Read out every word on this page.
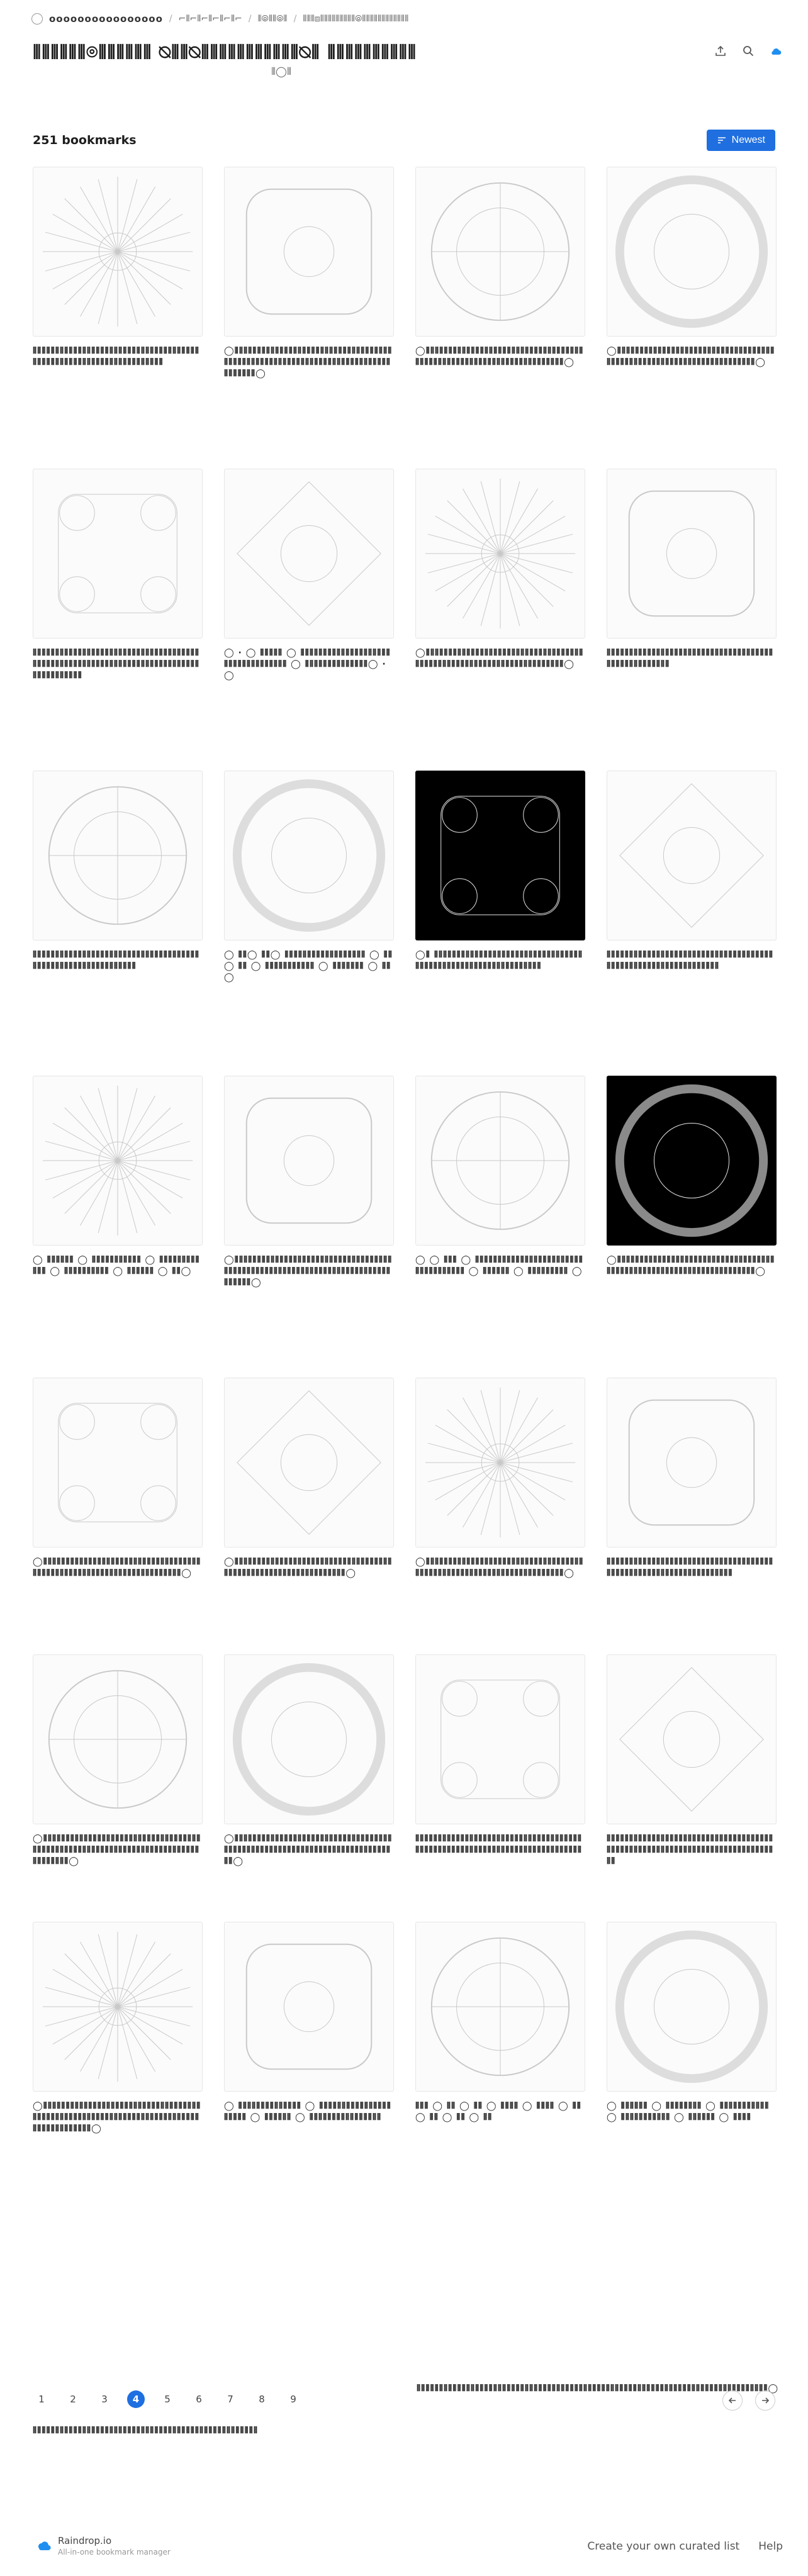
oooooooooooooooo / ⌐⦀⌐⦀⌐⦀⌐⦀⌐⦀⌐ / ⦀⦾⦀⦀⦾⦀ / ⦀⦀⦀⧈⦀⦀⦀⦀⦀⦀⦀⦀⦀⦾⦀⦀⦀⦀⦀⦀⦀⦀⦀⦀⦀⦀
⦀⦀⦀⦀⦀⦀⌾⦀⦀⦀⦀⦀⦀ ⍉⦀⦀⍉⦀⦀⦀⦀⦀⦀⦀⦀⦀⦀⦀⍉⦀ ⦀⦀⦀⦀⦀⦀⦀⦀⦀⦀
⦀◯⦀
251 bookmarks	Newest
⦀⦀⦀⦀⦀⦀⦀⦀⦀⦀⦀⦀⦀⦀⦀⦀⦀⦀⦀⦀⦀⦀⦀⦀⦀⦀⦀⦀⦀⦀⦀⦀⦀⦀⦀⦀⦀⦀⦀⦀⦀⦀⦀⦀⦀⦀⦀⦀⦀⦀⦀⦀⦀⦀⦀⦀⦀⦀⦀⦀⦀⦀⦀⦀⦀⦀
◯⦀⦀⦀⦀⦀⦀⦀⦀⦀⦀⦀⦀⦀⦀⦀⦀⦀⦀⦀⦀⦀⦀⦀⦀⦀⦀⦀⦀⦀⦀⦀⦀⦀⦀⦀⦀⦀⦀⦀⦀⦀⦀⦀⦀⦀⦀⦀⦀⦀⦀⦀⦀⦀⦀⦀⦀⦀⦀⦀⦀⦀⦀⦀⦀⦀⦀⦀⦀⦀⦀⦀⦀⦀⦀⦀⦀⦀⦀⦀◯
◯⦀⦀⦀⦀⦀⦀⦀⦀⦀⦀⦀⦀⦀⦀⦀⦀⦀⦀⦀⦀⦀⦀⦀⦀⦀⦀⦀⦀⦀⦀⦀⦀⦀⦀⦀⦀⦀⦀⦀⦀⦀⦀⦀⦀⦀⦀⦀⦀⦀⦀⦀⦀⦀⦀⦀⦀⦀⦀⦀⦀⦀⦀⦀⦀⦀⦀⦀⦀◯
◯⦀⦀⦀⦀⦀⦀⦀⦀⦀⦀⦀⦀⦀⦀⦀⦀⦀⦀⦀⦀⦀⦀⦀⦀⦀⦀⦀⦀⦀⦀⦀⦀⦀⦀⦀⦀⦀⦀⦀⦀⦀⦀⦀⦀⦀⦀⦀⦀⦀⦀⦀⦀⦀⦀⦀⦀⦀⦀⦀⦀⦀⦀⦀⦀⦀⦀⦀⦀◯
⦀⦀⦀⦀⦀⦀⦀⦀⦀⦀⦀⦀⦀⦀⦀⦀⦀⦀⦀⦀⦀⦀⦀⦀⦀⦀⦀⦀⦀⦀⦀⦀⦀⦀⦀⦀⦀⦀⦀⦀⦀⦀⦀⦀⦀⦀⦀⦀⦀⦀⦀⦀⦀⦀⦀⦀⦀⦀⦀⦀⦀⦀⦀⦀⦀⦀⦀⦀⦀⦀⦀⦀⦀⦀⦀⦀⦀⦀⦀⦀⦀⦀⦀⦀⦀
◯ · ◯ ⦀⦀⦀⦀⦀ ◯ ⦀⦀⦀⦀⦀⦀⦀⦀⦀⦀⦀⦀⦀⦀⦀⦀⦀⦀⦀⦀⦀⦀⦀⦀⦀⦀⦀⦀⦀⦀⦀⦀⦀⦀ ◯ ⦀⦀⦀⦀⦀⦀⦀⦀⦀⦀⦀⦀⦀⦀◯ · ◯
◯⦀⦀⦀⦀⦀⦀⦀⦀⦀⦀⦀⦀⦀⦀⦀⦀⦀⦀⦀⦀⦀⦀⦀⦀⦀⦀⦀⦀⦀⦀⦀⦀⦀⦀⦀⦀⦀⦀⦀⦀⦀⦀⦀⦀⦀⦀⦀⦀⦀⦀⦀⦀⦀⦀⦀⦀⦀⦀⦀⦀⦀⦀⦀⦀⦀⦀⦀⦀◯
⦀⦀⦀⦀⦀⦀⦀⦀⦀⦀⦀⦀⦀⦀⦀⦀⦀⦀⦀⦀⦀⦀⦀⦀⦀⦀⦀⦀⦀⦀⦀⦀⦀⦀⦀⦀⦀⦀⦀⦀⦀⦀⦀⦀⦀⦀⦀⦀⦀⦀⦀
⦀⦀⦀⦀⦀⦀⦀⦀⦀⦀⦀⦀⦀⦀⦀⦀⦀⦀⦀⦀⦀⦀⦀⦀⦀⦀⦀⦀⦀⦀⦀⦀⦀⦀⦀⦀⦀⦀⦀⦀⦀⦀⦀⦀⦀⦀⦀⦀⦀⦀⦀⦀⦀⦀⦀⦀⦀⦀⦀⦀
◯ ⦀⦀◯ ⦀⦀◯ ⦀⦀⦀⦀⦀⦀⦀⦀⦀⦀⦀⦀⦀⦀⦀⦀⦀⦀ ◯ ⦀⦀ ◯ ⦀⦀ ◯ ⦀⦀⦀⦀⦀⦀⦀⦀⦀⦀⦀ ◯ ⦀⦀⦀⦀⦀⦀⦀ ◯ ⦀⦀ ◯
◯⦀ ⦀⦀⦀⦀⦀⦀⦀⦀⦀⦀⦀⦀⦀⦀⦀⦀⦀⦀⦀⦀⦀⦀⦀⦀⦀⦀⦀⦀⦀⦀⦀⦀⦀⦀⦀⦀⦀⦀⦀⦀⦀⦀⦀⦀⦀⦀⦀⦀⦀⦀⦀⦀⦀⦀⦀⦀⦀⦀⦀⦀⦀
⦀⦀⦀⦀⦀⦀⦀⦀⦀⦀⦀⦀⦀⦀⦀⦀⦀⦀⦀⦀⦀⦀⦀⦀⦀⦀⦀⦀⦀⦀⦀⦀⦀⦀⦀⦀⦀⦀⦀⦀⦀⦀⦀⦀⦀⦀⦀⦀⦀⦀⦀⦀⦀⦀⦀⦀⦀⦀⦀⦀⦀⦀
◯ ⦀⦀⦀⦀⦀⦀ ◯ ⦀⦀⦀⦀⦀⦀⦀⦀⦀⦀⦀ ◯ ⦀⦀⦀⦀⦀⦀⦀⦀⦀⦀⦀⦀ ◯ ⦀⦀⦀⦀⦀⦀⦀⦀⦀⦀ ◯ ⦀⦀⦀⦀⦀⦀ ◯ ⦀⦀◯
◯⦀⦀⦀⦀⦀⦀⦀⦀⦀⦀⦀⦀⦀⦀⦀⦀⦀⦀⦀⦀⦀⦀⦀⦀⦀⦀⦀⦀⦀⦀⦀⦀⦀⦀⦀⦀⦀⦀⦀⦀⦀⦀⦀⦀⦀⦀⦀⦀⦀⦀⦀⦀⦀⦀⦀⦀⦀⦀⦀⦀⦀⦀⦀⦀⦀⦀⦀⦀⦀⦀⦀⦀⦀⦀⦀⦀⦀⦀◯
◯ ◯ ⦀⦀⦀ ◯ ⦀⦀⦀⦀⦀⦀⦀⦀⦀⦀⦀⦀⦀⦀⦀⦀⦀⦀⦀⦀⦀⦀⦀⦀⦀⦀⦀⦀⦀⦀⦀⦀⦀⦀⦀ ◯ ⦀⦀⦀⦀⦀⦀ ◯ ⦀⦀⦀⦀⦀⦀⦀⦀⦀ ◯
◯⦀⦀⦀⦀⦀⦀⦀⦀⦀⦀⦀⦀⦀⦀⦀⦀⦀⦀⦀⦀⦀⦀⦀⦀⦀⦀⦀⦀⦀⦀⦀⦀⦀⦀⦀⦀⦀⦀⦀⦀⦀⦀⦀⦀⦀⦀⦀⦀⦀⦀⦀⦀⦀⦀⦀⦀⦀⦀⦀⦀⦀⦀⦀⦀⦀⦀⦀⦀◯
◯⦀⦀⦀⦀⦀⦀⦀⦀⦀⦀⦀⦀⦀⦀⦀⦀⦀⦀⦀⦀⦀⦀⦀⦀⦀⦀⦀⦀⦀⦀⦀⦀⦀⦀⦀⦀⦀⦀⦀⦀⦀⦀⦀⦀⦀⦀⦀⦀⦀⦀⦀⦀⦀⦀⦀⦀⦀⦀⦀⦀⦀⦀⦀⦀⦀⦀⦀⦀◯
◯⦀⦀⦀⦀⦀⦀⦀⦀⦀⦀⦀⦀⦀⦀⦀⦀⦀⦀⦀⦀⦀⦀⦀⦀⦀⦀⦀⦀⦀⦀⦀⦀⦀⦀⦀⦀⦀⦀⦀⦀⦀⦀⦀⦀⦀⦀⦀⦀⦀⦀⦀⦀⦀⦀⦀⦀⦀⦀⦀⦀⦀⦀◯
◯⦀⦀⦀⦀⦀⦀⦀⦀⦀⦀⦀⦀⦀⦀⦀⦀⦀⦀⦀⦀⦀⦀⦀⦀⦀⦀⦀⦀⦀⦀⦀⦀⦀⦀⦀⦀⦀⦀⦀⦀⦀⦀⦀⦀⦀⦀⦀⦀⦀⦀⦀⦀⦀⦀⦀⦀⦀⦀⦀⦀⦀⦀⦀⦀⦀⦀⦀⦀◯
⦀⦀⦀⦀⦀⦀⦀⦀⦀⦀⦀⦀⦀⦀⦀⦀⦀⦀⦀⦀⦀⦀⦀⦀⦀⦀⦀⦀⦀⦀⦀⦀⦀⦀⦀⦀⦀⦀⦀⦀⦀⦀⦀⦀⦀⦀⦀⦀⦀⦀⦀⦀⦀⦀⦀⦀⦀⦀⦀⦀⦀⦀⦀⦀⦀
◯⦀⦀⦀⦀⦀⦀⦀⦀⦀⦀⦀⦀⦀⦀⦀⦀⦀⦀⦀⦀⦀⦀⦀⦀⦀⦀⦀⦀⦀⦀⦀⦀⦀⦀⦀⦀⦀⦀⦀⦀⦀⦀⦀⦀⦀⦀⦀⦀⦀⦀⦀⦀⦀⦀⦀⦀⦀⦀⦀⦀⦀⦀⦀⦀⦀⦀⦀⦀⦀⦀⦀⦀⦀⦀⦀⦀⦀⦀⦀⦀◯
◯⦀⦀⦀⦀⦀⦀⦀⦀⦀⦀⦀⦀⦀⦀⦀⦀⦀⦀⦀⦀⦀⦀⦀⦀⦀⦀⦀⦀⦀⦀⦀⦀⦀⦀⦀⦀⦀⦀⦀⦀⦀⦀⦀⦀⦀⦀⦀⦀⦀⦀⦀⦀⦀⦀⦀⦀⦀⦀⦀⦀⦀⦀⦀⦀⦀⦀⦀⦀⦀⦀⦀⦀⦀⦀◯
⦀⦀⦀⦀⦀⦀⦀⦀⦀⦀⦀⦀⦀⦀⦀⦀⦀⦀⦀⦀⦀⦀⦀⦀⦀⦀⦀⦀⦀⦀⦀⦀⦀⦀⦀⦀⦀⦀⦀⦀⦀⦀⦀⦀⦀⦀⦀⦀⦀⦀⦀⦀⦀⦀⦀⦀⦀⦀⦀⦀⦀⦀⦀⦀⦀⦀⦀⦀⦀⦀⦀⦀⦀⦀
⦀⦀⦀⦀⦀⦀⦀⦀⦀⦀⦀⦀⦀⦀⦀⦀⦀⦀⦀⦀⦀⦀⦀⦀⦀⦀⦀⦀⦀⦀⦀⦀⦀⦀⦀⦀⦀⦀⦀⦀⦀⦀⦀⦀⦀⦀⦀⦀⦀⦀⦀⦀⦀⦀⦀⦀⦀⦀⦀⦀⦀⦀⦀⦀⦀⦀⦀⦀⦀⦀⦀⦀⦀⦀⦀⦀
◯⦀⦀⦀⦀⦀⦀⦀⦀⦀⦀⦀⦀⦀⦀⦀⦀⦀⦀⦀⦀⦀⦀⦀⦀⦀⦀⦀⦀⦀⦀⦀⦀⦀⦀⦀⦀⦀⦀⦀⦀⦀⦀⦀⦀⦀⦀⦀⦀⦀⦀⦀⦀⦀⦀⦀⦀⦀⦀⦀⦀⦀⦀⦀⦀⦀⦀⦀⦀⦀⦀⦀⦀⦀⦀⦀⦀⦀⦀⦀⦀⦀⦀⦀⦀⦀◯
◯ ⦀⦀⦀⦀⦀⦀⦀⦀⦀⦀⦀⦀⦀⦀ ◯ ⦀⦀⦀⦀⦀⦀⦀⦀⦀⦀⦀⦀⦀⦀⦀⦀⦀⦀⦀⦀⦀ ◯ ⦀⦀⦀⦀⦀⦀ ◯ ⦀⦀⦀⦀⦀⦀⦀⦀⦀⦀⦀⦀⦀⦀⦀⦀
⦀⦀⦀ ◯ ⦀⦀ ◯ ⦀⦀ ◯ ⦀⦀⦀⦀ ◯ ⦀⦀⦀⦀ ◯ ⦀⦀ ◯ ⦀⦀ ◯ ⦀⦀ ◯ ⦀⦀
◯ ⦀⦀⦀⦀⦀⦀ ◯ ⦀⦀⦀⦀⦀⦀⦀⦀ ◯ ⦀⦀⦀⦀⦀⦀⦀⦀⦀⦀⦀ ◯ ⦀⦀⦀⦀⦀⦀⦀⦀⦀⦀⦀ ◯ ⦀⦀⦀⦀⦀⦀ ◯ ⦀⦀⦀⦀
⦀⦀⦀⦀⦀⦀⦀⦀⦀⦀⦀⦀⦀⦀⦀⦀⦀⦀⦀⦀⦀⦀⦀⦀⦀⦀⦀⦀⦀⦀⦀⦀⦀⦀⦀⦀⦀⦀⦀⦀⦀⦀⦀⦀⦀⦀⦀⦀⦀⦀⦀⦀⦀⦀⦀⦀⦀⦀⦀⦀⦀⦀⦀⦀⦀⦀⦀⦀⦀⦀⦀⦀⦀⦀⦀⦀⦀⦀◯
1	2	3	4	5	6	7	8	9
⦀⦀⦀⦀⦀⦀⦀⦀⦀⦀⦀⦀⦀⦀⦀⦀⦀⦀⦀⦀⦀⦀⦀⦀⦀⦀⦀⦀⦀⦀⦀⦀⦀⦀⦀⦀⦀⦀⦀⦀⦀⦀⦀⦀⦀⦀⦀⦀⦀⦀
Raindrop.io
All-in-one bookmark manager	Create your own curated list Help
